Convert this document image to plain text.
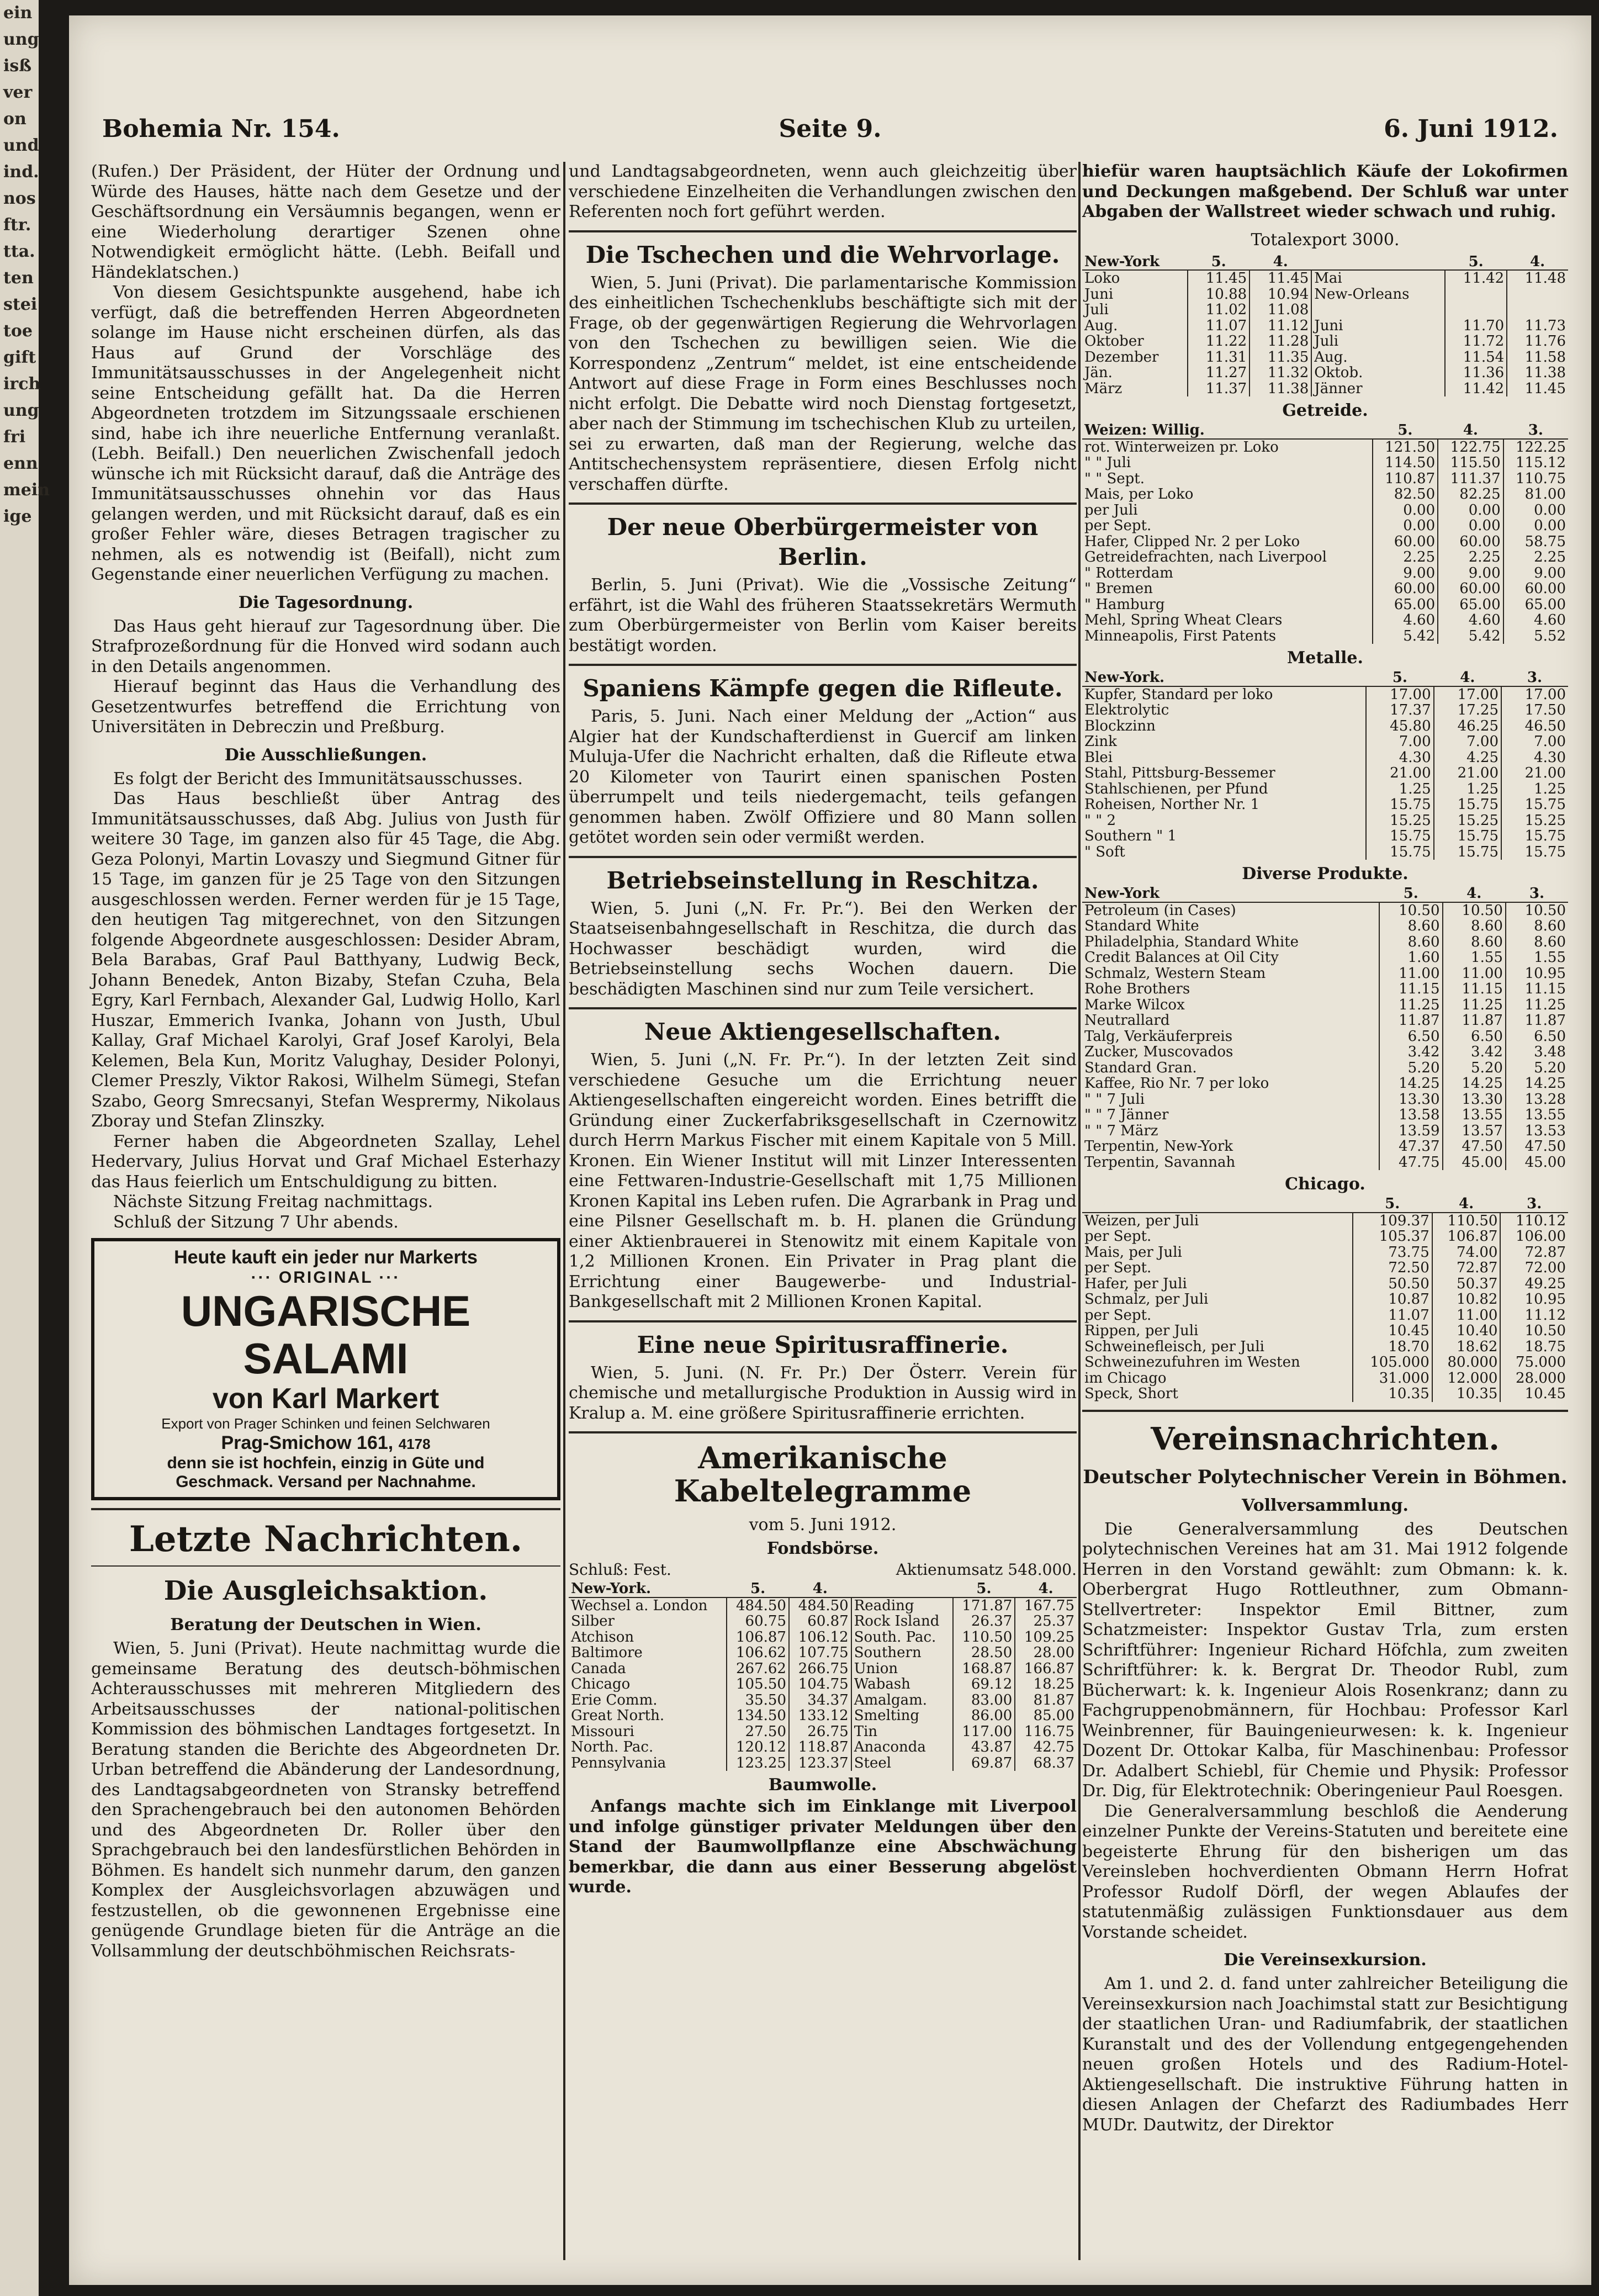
ein
ung
isß
ver
on
und
ind.
nos
ftr.
tta.
ten
stei
toe
gift
irch
ung
fri
enn
mein
ige
Bohemia Nr. 154.	Seite 9.	6. Juni 1912.

(Rufen.) Der Präsident, der Hüter der Ordnung und Würde des Hauses, hätte nach dem Gesetze und der Geschäftsordnung ein Versäumnis begangen, wenn er eine Wiederholung derartiger Szenen ohne Notwendigkeit ermöglicht hätte. (Lebh. Beifall und Händeklatschen.)

Von diesem Gesichtspunkte ausgehend, habe ich verfügt, daß die betreffenden Herren Abgeordneten solange im Hause nicht erscheinen dürfen, als das Haus auf Grund der Vorschläge des Immunitätsausschusses in der Angelegenheit nicht seine Entscheidung gefällt hat. Da die Herren Abgeordneten trotzdem im Sitzungssaale erschienen sind, habe ich ihre neuerliche Entfernung veranlaßt. (Lebh. Beifall.) Den neuerlichen Zwischenfall jedoch wünsche ich mit Rücksicht darauf, daß die Anträge des Immunitätsausschusses ohnehin vor das Haus gelangen werden, und mit Rücksicht darauf, daß es ein großer Fehler wäre, dieses Betragen tragischer zu nehmen, als es notwendig ist (Beifall), nicht zum Gegenstande einer neuerlichen Verfügung zu machen.

Die Tagesordnung.

Das Haus geht hierauf zur Tagesordnung über. Die Strafprozeßordnung für die Honved wird sodann auch in den Details angenommen.

Hierauf beginnt das Haus die Verhandlung des Gesetzentwurfes betreffend die Errichtung von Universitäten in Debreczin und Preßburg.

Die Ausschließungen.

Es folgt der Bericht des Immunitätsausschusses.

Das Haus beschließt über Antrag des Immunitätsausschusses, daß Abg. Julius von Justh für weitere 30 Tage, im ganzen also für 45 Tage, die Abg. Geza Polonyi, Martin Lovaszy und Siegmund Gitner für 15 Tage, im ganzen für je 25 Tage von den Sitzungen ausgeschlossen werden. Ferner werden für je 15 Tage, den heutigen Tag mitgerechnet, von den Sitzungen folgende Abgeordnete ausgeschlossen: Desider Abram, Bela Barabas, Graf Paul Batthyany, Ludwig Beck, Johann Benedek, Anton Bizaby, Stefan Czuha, Bela Egry, Karl Fernbach, Alexander Gal, Ludwig Hollo, Karl Huszar, Emmerich Ivanka, Johann von Justh, Ubul Kallay, Graf Michael Karolyi, Graf Josef Karolyi, Bela Kelemen, Bela Kun, Moritz Valughay, Desider Polonyi, Clemer Preszly, Viktor Rakosi, Wilhelm Sümegi, Stefan Szabo, Georg Smrecsanyi, Stefan Wesprermy, Nikolaus Zboray und Stefan Zlinszky.

Ferner haben die Abgeordneten Szallay, Lehel Hedervary, Julius Horvat und Graf Michael Esterhazy das Haus feierlich um Entschuldigung zu bitten.

Nächste Sitzung Freitag nachmittags.

Schluß der Sitzung 7 Uhr abends.

Heute kauft ein jeder nur Markerts
··· ORIGINAL ···
UNGARISCHE SALAMI
von Karl Markert
Export von Prager Schinken und feinen Selchwaren
Prag-Smichow 161, 4178
denn sie ist hochfein, einzig in Güte und
Geschmack. Versand per Nachnahme.
Letzte Nachrichten.
Die Ausgleichsaktion.
Beratung der Deutschen in Wien.

Wien, 5. Juni (Privat). Heute nachmittag wurde die gemeinsame Beratung des deutsch-böhmischen Achterausschusses mit mehreren Mitgliedern des Arbeitsausschusses der national-politischen Kommission des böhmischen Landtages fortgesetzt. In Beratung standen die Berichte des Abgeordneten Dr. Urban betreffend die Abänderung der Landesordnung, des Landtagsabgeordneten von Stransky betreffend den Sprachengebrauch bei den autonomen Behörden und des Abgeordneten Dr. Roller über den Sprachgebrauch bei den landesfürstlichen Behörden in Böhmen. Es handelt sich nunmehr darum, den ganzen Komplex der Ausgleichsvorlagen abzuwägen und festzustellen, ob die gewonnenen Ergebnisse eine genügende Grundlage bieten für die Anträge an die Vollsammlung der deutschböhmischen Reichsrats-

und Landtagsabgeordneten, wenn auch gleichzeitig über verschiedene Einzelheiten die Verhandlungen zwischen den Referenten noch fort geführt werden.

Die Tschechen und die Wehrvorlage.

Wien, 5. Juni (Privat). Die parlamentarische Kommission des einheitlichen Tschechenklubs beschäftigte sich mit der Frage, ob der gegenwärtigen Regierung die Wehrvorlagen von den Tschechen zu bewilligen seien. Wie die Korrespondenz „Zentrum“ meldet, ist eine entscheidende Antwort auf diese Frage in Form eines Beschlusses noch nicht erfolgt. Die Debatte wird noch Dienstag fortgesetzt, aber nach der Stimmung im tschechischen Klub zu urteilen, sei zu erwarten, daß man der Regierung, welche das Antitschechensystem repräsentiere, diesen Erfolg nicht verschaffen dürfte.

Der neue Oberbürgermeister von Berlin.

Berlin, 5. Juni (Privat). Wie die „Vossische Zeitung“ erfährt, ist die Wahl des früheren Staatssekretärs Wermuth zum Oberbürgermeister von Berlin vom Kaiser bereits bestätigt worden.

Spaniens Kämpfe gegen die Rifleute.

Paris, 5. Juni. Nach einer Meldung der „Action“ aus Algier hat der Kundschafterdienst in Guercif am linken Muluja-Ufer die Nachricht erhalten, daß die Rifleute etwa 20 Kilometer von Taurirt einen spanischen Posten überrumpelt und teils niedergemacht, teils gefangen genommen haben. Zwölf Offiziere und 80 Mann sollen getötet worden sein oder vermißt werden.

Betriebseinstellung in Reschitza.

Wien, 5. Juni („N. Fr. Pr.“). Bei den Werken der Staatseisenbahngesellschaft in Reschitza, die durch das Hochwasser beschädigt wurden, wird die Betriebseinstellung sechs Wochen dauern. Die beschädigten Maschinen sind nur zum Teile versichert.

Neue Aktiengesellschaften.

Wien, 5. Juni („N. Fr. Pr.“). In der letzten Zeit sind verschiedene Gesuche um die Errichtung neuer Aktiengesellschaften eingereicht worden. Eines betrifft die Gründung einer Zuckerfabriksgesellschaft in Czernowitz durch Herrn Markus Fischer mit einem Kapitale von 5 Mill. Kronen. Ein Wiener Institut will mit Linzer Interessenten eine Fettwaren-Industrie-Gesellschaft mit 1,75 Millionen Kronen Kapital ins Leben rufen. Die Agrarbank in Prag und eine Pilsner Gesellschaft m. b. H. planen die Gründung einer Aktienbrauerei in Stenowitz mit einem Kapitale von 1,2 Millionen Kronen. Ein Privater in Prag plant die Errichtung einer Baugewerbe- und Industrial-Bankgesellschaft mit 2 Millionen Kronen Kapital.

Eine neue Spiritusraffinerie.

Wien, 5. Juni. (N. Fr. Pr.) Der Österr. Verein für chemische und metallurgische Produktion in Aussig wird in Kralup a. M. eine größere Spiritusraffinerie errichten.

Amerikanische Kabeltelegramme
vom 5. Juni 1912.
Fondsbörse.
Schluß: Fest.	Aktienumsatz 548.000.
New-York.	5.	4.		5.	4.
Wechsel a. London	484.50	484.50	Reading	171.87	167.75
Silber	60.75	60.87	Rock Island	26.37	25.37
Atchison	106.87	106.12	South. Pac.	110.50	109.25
Baltimore	106.62	107.75	Southern	28.50	28.00
Canada	267.62	266.75	Union	168.87	166.87
Chicago	105.50	104.75	Wabash	69.12	18.25
Erie Comm.	35.50	34.37	Amalgam.	83.00	81.87
Great North.	134.50	133.12	Smelting	86.00	85.00
Missouri	27.50	26.75	Tin	117.00	116.75
North. Pac.	120.12	118.87	Anaconda	43.87	42.75
Pennsylvania	123.25	123.37	Steel	69.87	68.37
Baumwolle.

Anfangs machte sich im Einklange mit Liverpool und infolge günstiger privater Meldungen über den Stand der Baumwollpflanze eine Abschwächung bemerkbar, die dann aus einer Besserung abgelöst wurde.

hiefür waren hauptsächlich Käufe der Lokofirmen und Deckungen maßgebend. Der Schluß war unter Abgaben der Wallstreet wieder schwach und ruhig.

Totalexport 3000.
New-York	5.	4.		5.	4.
Loko	11.45	11.45	Mai	11.42	11.48
Juni	10.88	10.94	New-Orleans		
Juli	11.02	11.08			
Aug.	11.07	11.12	Juni	11.70	11.73
Oktober	11.22	11.28	Juli	11.72	11.76
Dezember	11.31	11.35	Aug.	11.54	11.58
Jän.	11.27	11.32	Oktob.	11.36	11.38
März	11.37	11.38	Jänner	11.42	11.45
Getreide.
Weizen: Willig.	5.	4.	3.
rot. Winterweizen pr. Loko	121.50	122.75	122.25
" " Juli	114.50	115.50	115.12
" " Sept.	110.87	111.37	110.75
Mais, per Loko	82.50	82.25	81.00
per Juli	0.00	0.00	0.00
per Sept.	0.00	0.00	0.00
Hafer, Clipped Nr. 2 per Loko	60.00	60.00	58.75
Getreidefrachten, nach Liverpool	2.25	2.25	2.25
" Rotterdam	9.00	9.00	9.00
" Bremen	60.00	60.00	60.00
" Hamburg	65.00	65.00	65.00
Mehl, Spring Wheat Clears	4.60	4.60	4.60
Minneapolis, First Patents	5.42	5.42	5.52
Metalle.
New-York.	5.	4.	3.
Kupfer, Standard per loko	17.00	17.00	17.00
Elektrolytic	17.37	17.25	17.50
Blockzinn	45.80	46.25	46.50
Zink	7.00	7.00	7.00
Blei	4.30	4.25	4.30
Stahl, Pittsburg-Bessemer	21.00	21.00	21.00
Stahlschienen, per Pfund	1.25	1.25	1.25
Roheisen, Norther Nr. 1	15.75	15.75	15.75
" " 2	15.25	15.25	15.25
Southern " 1	15.75	15.75	15.75
" Soft	15.75	15.75	15.75
Diverse Produkte.
New-York	5.	4.	3.
Petroleum (in Cases)	10.50	10.50	10.50
Standard White	8.60	8.60	8.60
Philadelphia, Standard White	8.60	8.60	8.60
Credit Balances at Oil City	1.60	1.55	1.55
Schmalz, Western Steam	11.00	11.00	10.95
Rohe Brothers	11.15	11.15	11.15
Marke Wilcox	11.25	11.25	11.25
Neutrallard	11.87	11.87	11.87
Talg, Verkäuferpreis	6.50	6.50	6.50
Zucker, Muscovados	3.42	3.42	3.48
Standard Gran.	5.20	5.20	5.20
Kaffee, Rio Nr. 7 per loko	14.25	14.25	14.25
" " 7 Juli	13.30	13.30	13.28
" " 7 Jänner	13.58	13.55	13.55
" " 7 März	13.59	13.57	13.53
Terpentin, New-York	47.37	47.50	47.50
Terpentin, Savannah	47.75	45.00	45.00
Chicago.
	5.	4.	3.
Weizen, per Juli	109.37	110.50	110.12
per Sept.	105.37	106.87	106.00
Mais, per Juli	73.75	74.00	72.87
per Sept.	72.50	72.87	72.00
Hafer, per Juli	50.50	50.37	49.25
Schmalz, per Juli	10.87	10.82	10.95
per Sept.	11.07	11.00	11.12
Rippen, per Juli	10.45	10.40	10.50
Schweinefleisch, per Juli	18.70	18.62	18.75
Schweinezufuhren im Westen	105.000	80.000	75.000
im Chicago	31.000	12.000	28.000
Speck, Short	10.35	10.35	10.45
Vereinsnachrichten.
Deutscher Polytechnischer Verein in Böhmen.
Vollversammlung.

Die Generalversammlung des Deutschen polytechnischen Vereines hat am 31. Mai 1912 folgende Herren in den Vorstand gewählt: zum Obmann: k. k. Oberbergrat Hugo Rottleuthner, zum Obmann-Stellvertreter: Inspektor Emil Bittner, zum Schatzmeister: Inspektor Gustav Trla, zum ersten Schriftführer: Ingenieur Richard Höfchla, zum zweiten Schriftführer: k. k. Bergrat Dr. Theodor Rubl, zum Bücherwart: k. k. Ingenieur Alois Rosenkranz; dann zu Fachgruppenobmännern, für Hochbau: Professor Karl Weinbrenner, für Bauingenieurwesen: k. k. Ingenieur Dozent Dr. Ottokar Kalba, für Maschinenbau: Professor Dr. Adalbert Schiebl, für Chemie und Physik: Professor Dr. Dig, für Elektrotechnik: Oberingenieur Paul Roesgen.

Die Generalversammlung beschloß die Aenderung einzelner Punkte der Vereins-Statuten und bereitete eine begeisterte Ehrung für den bisherigen um das Vereinsleben hochverdienten Obmann Herrn Hofrat Professor Rudolf Dörfl, der wegen Ablaufes der statutenmäßig zulässigen Funktionsdauer aus dem Vorstande scheidet.

Die Vereinsexkursion.

Am 1. und 2. d. fand unter zahlreicher Beteiligung die Vereinsexkursion nach Joachimstal statt zur Besichtigung der staatlichen Uran- und Radiumfabrik, der staatlichen Kuranstalt und des der Vollendung entgegengehenden neuen großen Hotels und des Radium-Hotel-Aktiengesellschaft. Die instruktive Führung hatten in diesen Anlagen der Chefarzt des Radiumbades Herr MUDr. Dautwitz, der Direktor
